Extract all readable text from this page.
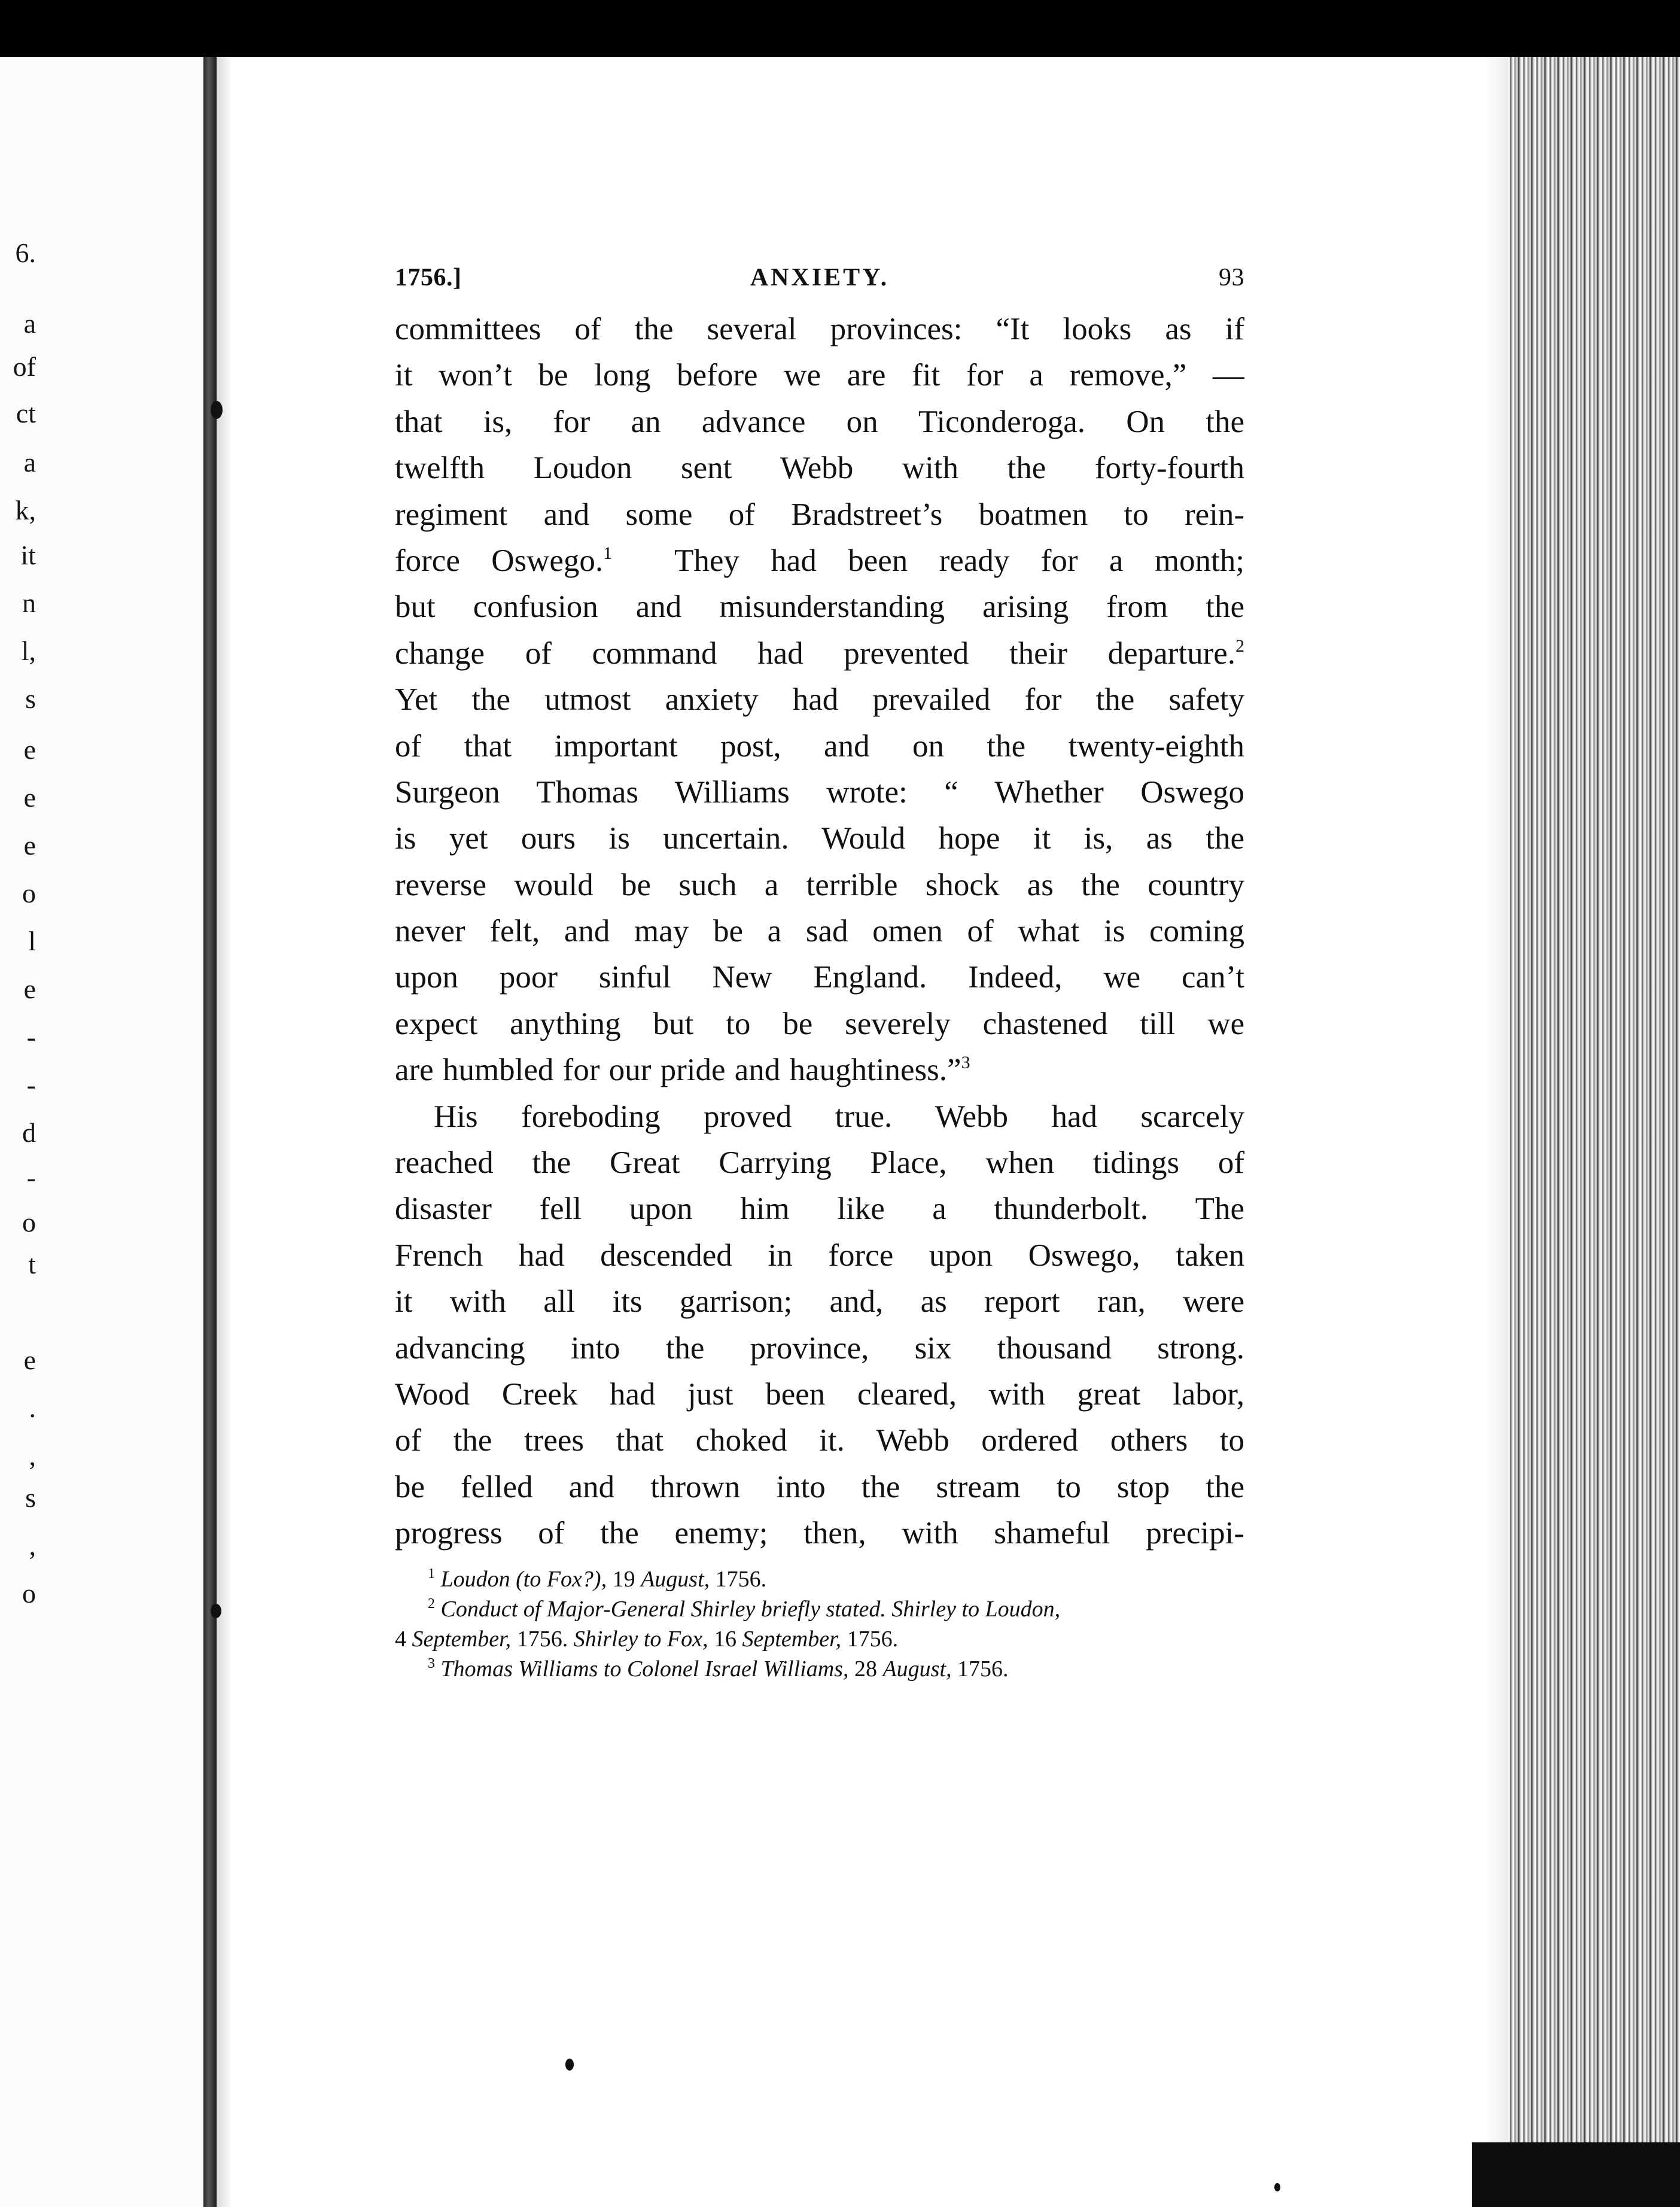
6.
a
of
ct
a
k,
it
n
l,
s
e
e
e
o
l
e
-
-
d
-
o
t
e
.
,
s
,
o
1756.]	ANXIETY.	93
committees of the several provinces: “It looks as if
it won’t be long before we are fit for a remove,” —
that is, for an advance on Ticonderoga. On the
twelfth Loudon sent Webb with the forty-fourth
regiment and some of Bradstreet’s boatmen to rein-
force Oswego.$^1$ They had been ready for a month;
but confusion and misunderstanding arising from the
change of command had prevented their departure.$^2$
Yet the utmost anxiety had prevailed for the safety
of that important post, and on the twenty-eighth
Surgeon Thomas Williams wrote: “ Whether Oswego
is yet ours is uncertain. Would hope it is, as the
reverse would be such a terrible shock as the country
never felt, and may be a sad omen of what is coming
upon poor sinful New England. Indeed, we can’t
expect anything but to be severely chastened till we
are humbled for our pride and haughtiness.”$^3$
His foreboding proved true. Webb had scarcely
reached the Great Carrying Place, when tidings of
disaster fell upon him like a thunderbolt. The
French had descended in force upon Oswego, taken
it with all its garrison; and, as report ran, were
advancing into the province, six thousand strong.
Wood Creek had just been cleared, with great labor,
of the trees that choked it. Webb ordered others to
be felled and thrown into the stream to stop the
progress of the enemy; then, with shameful precipi-
$^1$ Loudon (to Fox?), 19 August, 1756.
$^2$ Conduct of Major-General Shirley briefly stated. Shirley to Loudon,
4 September, 1756. Shirley to Fox, 16 September, 1756.
$^3$ Thomas Williams to Colonel Israel Williams, 28 August, 1756.
